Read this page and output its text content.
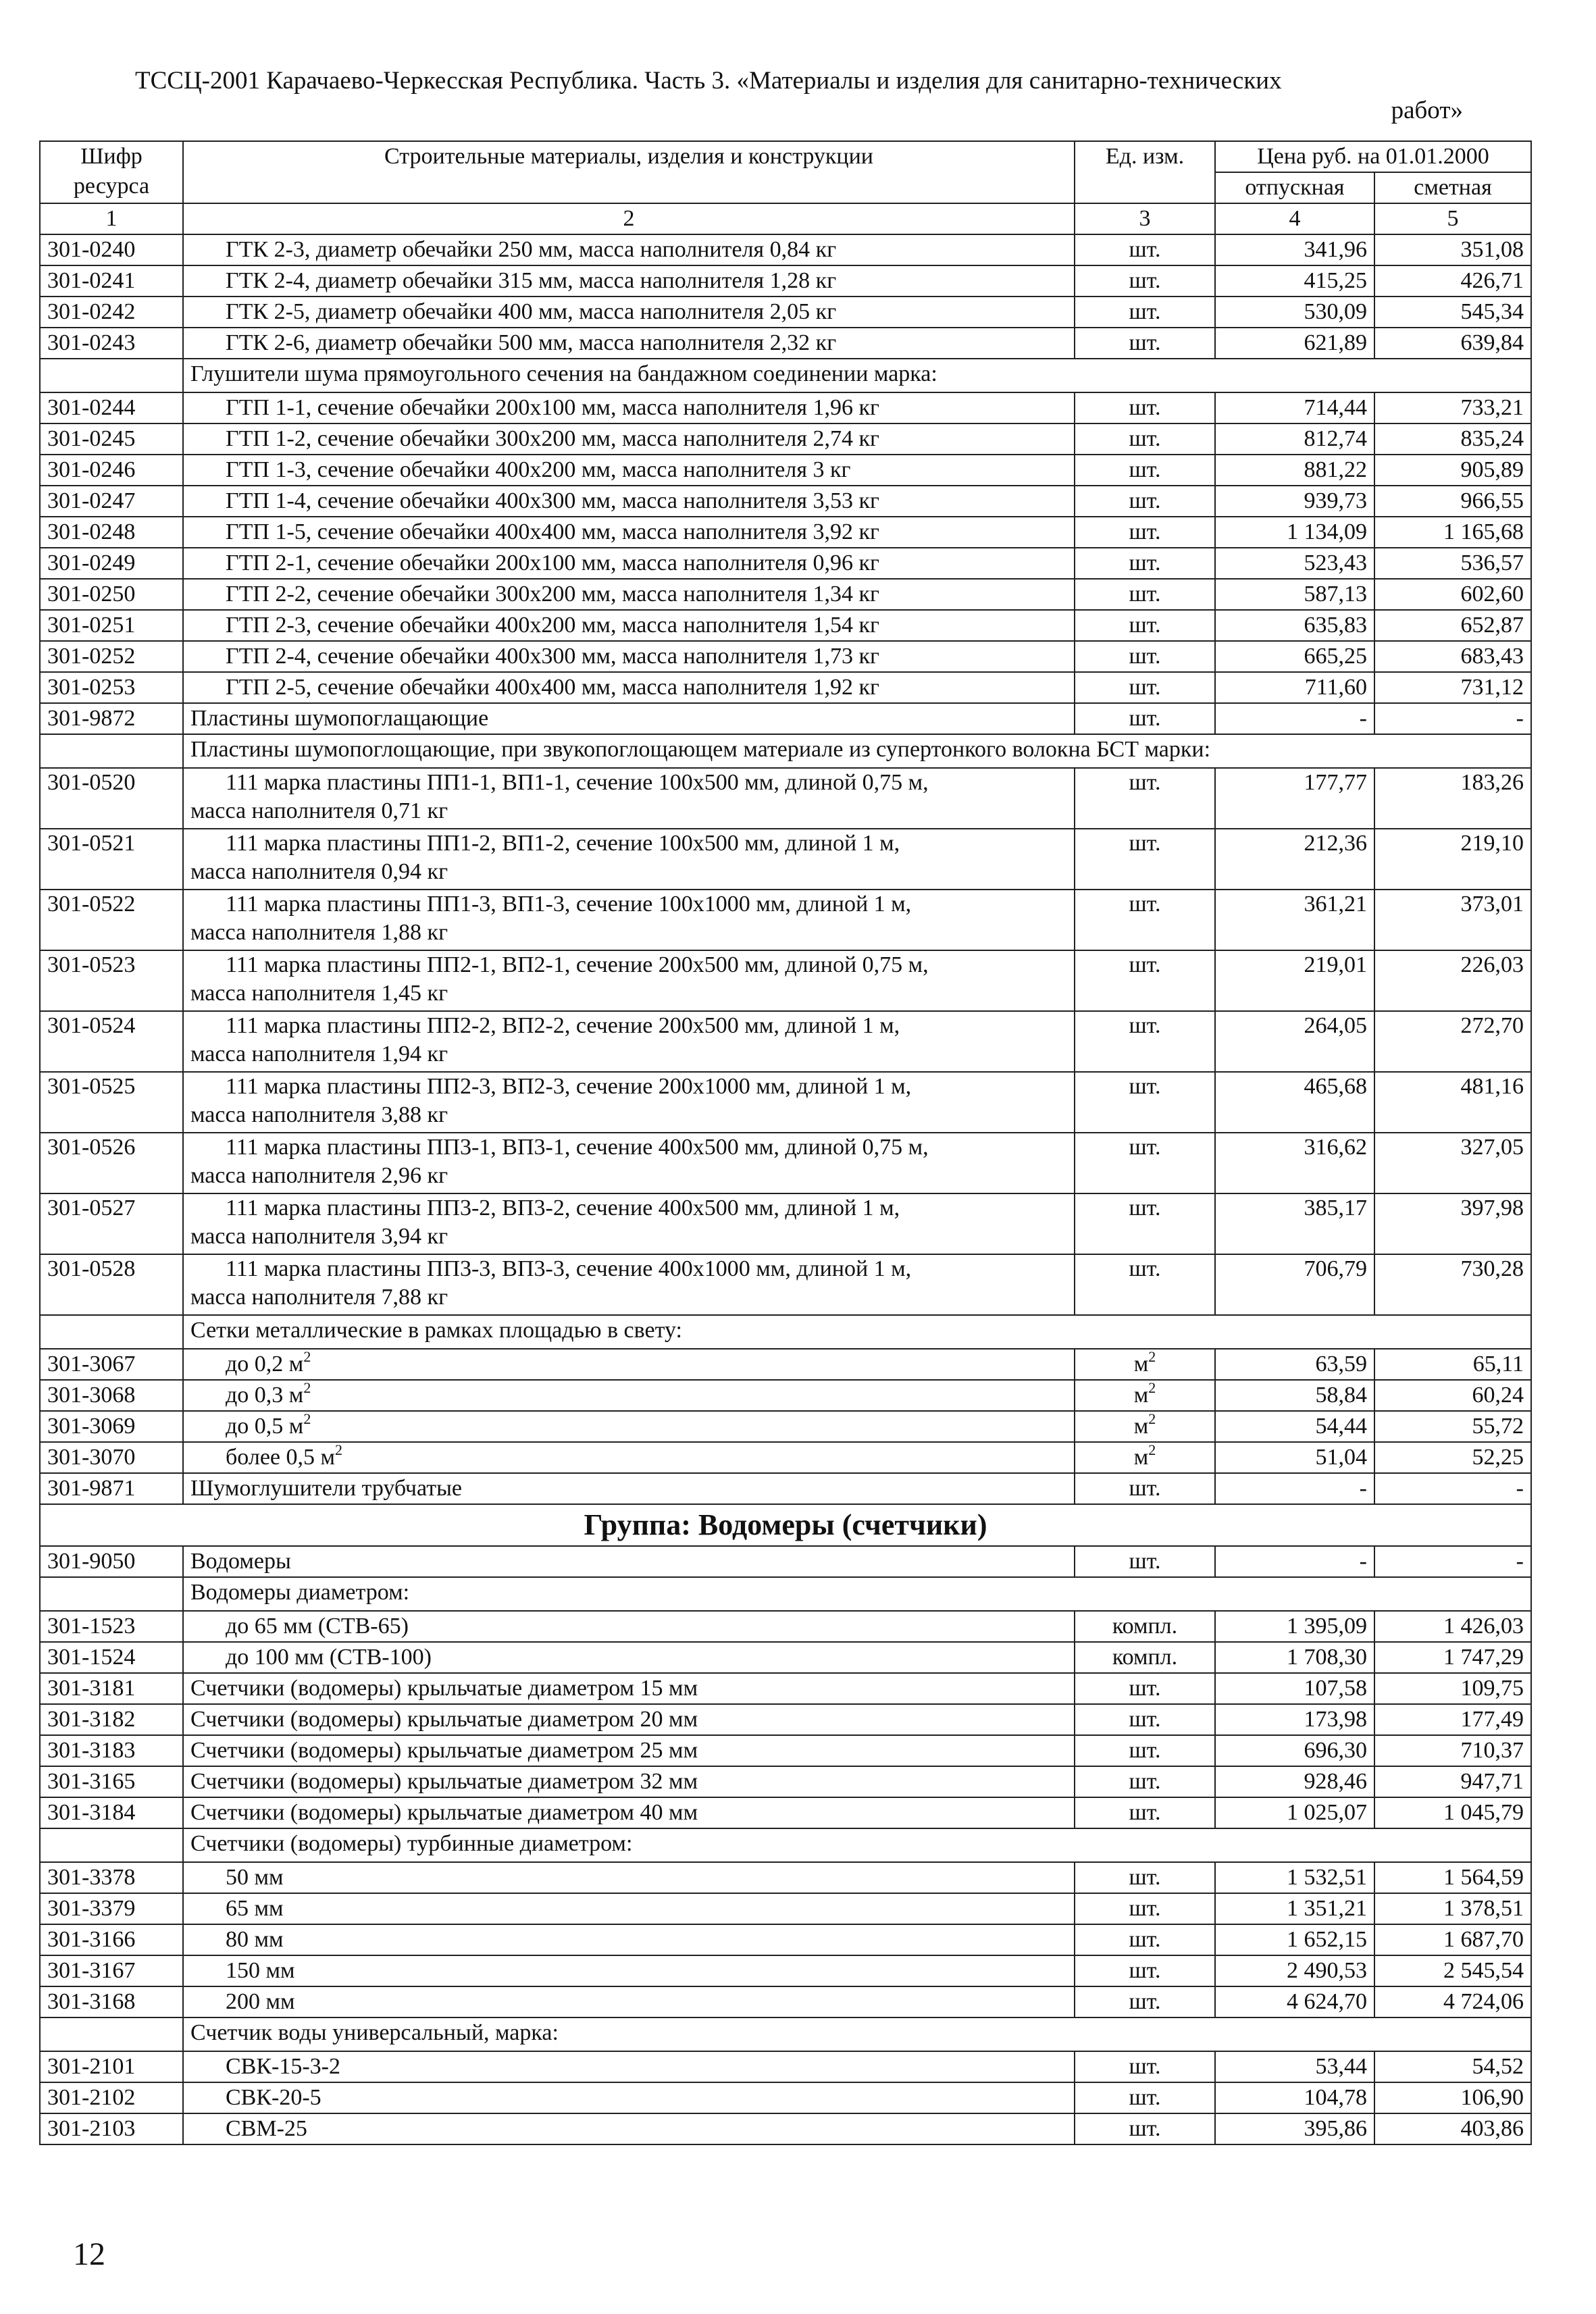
ТССЦ-2001 Карачаево-Черкесская Республика. Часть 3. «Материалы и изделия для санитарно-технических
работ»
Шифр ресурса	Строительные материалы, изделия и конструкции	Ед. изм.	Цена руб. на 01.01.2000	
			отпускная	сметная
1	2	3	4	5
301-0240	ГТК 2-3, диаметр обечайки 250 мм, масса наполнителя 0,84 кг	шт.	341,96	351,08
301-0241	ГТК 2-4, диаметр обечайки 315 мм, масса наполнителя 1,28 кг	шт.	415,25	426,71
301-0242	ГТК 2-5, диаметр обечайки 400 мм, масса наполнителя 2,05 кг	шт.	530,09	545,34
301-0243	ГТК 2-6, диаметр обечайки 500 мм, масса наполнителя 2,32 кг	шт.	621,89	639,84
	Глушители шума прямоугольного сечения на бандажном соединении марка:			
301-0244	ГТП 1-1, сечение обечайки 200х100 мм, масса наполнителя 1,96 кг	шт.	714,44	733,21
301-0245	ГТП 1-2, сечение обечайки 300х200 мм, масса наполнителя 2,74 кг	шт.	812,74	835,24
301-0246	ГТП 1-3, сечение обечайки 400х200 мм, масса наполнителя 3 кг	шт.	881,22	905,89
301-0247	ГТП 1-4, сечение обечайки 400х300 мм, масса наполнителя 3,53 кг	шт.	939,73	966,55
301-0248	ГТП 1-5, сечение обечайки 400х400 мм, масса наполнителя 3,92 кг	шт.	1 134,09	1 165,68
301-0249	ГТП 2-1, сечение обечайки 200х100 мм, масса наполнителя 0,96 кг	шт.	523,43	536,57
301-0250	ГТП 2-2, сечение обечайки 300х200 мм, масса наполнителя 1,34 кг	шт.	587,13	602,60
301-0251	ГТП 2-3, сечение обечайки 400х200 мм, масса наполнителя 1,54 кг	шт.	635,83	652,87
301-0252	ГТП 2-4, сечение обечайки 400х300 мм, масса наполнителя 1,73 кг	шт.	665,25	683,43
301-0253	ГТП 2-5, сечение обечайки 400х400 мм, масса наполнителя 1,92 кг	шт.	711,60	731,12
301-9872	Пластины шумопоглащающие	шт.	-	-
	Пластины шумопоглощающие, при звукопоглощающем материале из супертонкого волокна БСТ марки:			
301-0520	111 марка пластины ПП1-1, ВП1-1, сечение 100х500 мм, длиной 0,75 м,
масса наполнителя 0,71 кг	шт.	177,77	183,26
301-0521	111 марка пластины ПП1-2, ВП1-2, сечение 100х500 мм, длиной 1 м,
масса наполнителя 0,94 кг	шт.	212,36	219,10
301-0522	111 марка пластины ПП1-3, ВП1-3, сечение 100х1000 мм, длиной 1 м,
масса наполнителя 1,88 кг	шт.	361,21	373,01
301-0523	111 марка пластины ПП2-1, ВП2-1, сечение 200х500 мм, длиной 0,75 м,
масса наполнителя 1,45 кг	шт.	219,01	226,03
301-0524	111 марка пластины ПП2-2, ВП2-2, сечение 200х500 мм, длиной 1 м,
масса наполнителя 1,94 кг	шт.	264,05	272,70
301-0525	111 марка пластины ПП2-3, ВП2-3, сечение 200х1000 мм, длиной 1 м,
масса наполнителя 3,88 кг	шт.	465,68	481,16
301-0526	111 марка пластины ПП3-1, ВП3-1, сечение 400х500 мм, длиной 0,75 м,
масса наполнителя 2,96 кг	шт.	316,62	327,05
301-0527	111 марка пластины ПП3-2, ВП3-2, сечение 400х500 мм, длиной 1 м,
масса наполнителя 3,94 кг	шт.	385,17	397,98
301-0528	111 марка пластины ПП3-3, ВП3-3, сечение 400х1000 мм, длиной 1 м,
масса наполнителя 7,88 кг	шт.	706,79	730,28
	Сетки металлические в рамках площадью в свету:			
301-3067	до 0,2 $м^2$	$м^2$	63,59	65,11
301-3068	до 0,3 $м^2$	$м^2$	58,84	60,24
301-3069	до 0,5 $м^2$	$м^2$	54,44	55,72
301-3070	более 0,5 $м^2$	$м^2$	51,04	52,25
301-9871	Шумоглушители трубчатые	шт.	-	-
Группа: Водомеры (счетчики)				
301-9050	Водомеры	шт.	-	-
	Водомеры диаметром:			
301-1523	до 65 мм (СТВ-65)	компл.	1 395,09	1 426,03
301-1524	до 100 мм (СТВ-100)	компл.	1 708,30	1 747,29
301-3181	Счетчики (водомеры) крыльчатые диаметром 15 мм	шт.	107,58	109,75
301-3182	Счетчики (водомеры) крыльчатые диаметром 20 мм	шт.	173,98	177,49
301-3183	Счетчики (водомеры) крыльчатые диаметром 25 мм	шт.	696,30	710,37
301-3165	Счетчики (водомеры) крыльчатые диаметром 32 мм	шт.	928,46	947,71
301-3184	Счетчики (водомеры) крыльчатые диаметром 40 мм	шт.	1 025,07	1 045,79
	Счетчики (водомеры) турбинные диаметром:			
301-3378	50 мм	шт.	1 532,51	1 564,59
301-3379	65 мм	шт.	1 351,21	1 378,51
301-3166	80 мм	шт.	1 652,15	1 687,70
301-3167	150 мм	шт.	2 490,53	2 545,54
301-3168	200 мм	шт.	4 624,70	4 724,06
	Счетчик воды универсальный, марка:			
301-2101	СВК-15-3-2	шт.	53,44	54,52
301-2102	СВК-20-5	шт.	104,78	106,90
301-2103	СВМ-25	шт.	395,86	403,86
12
